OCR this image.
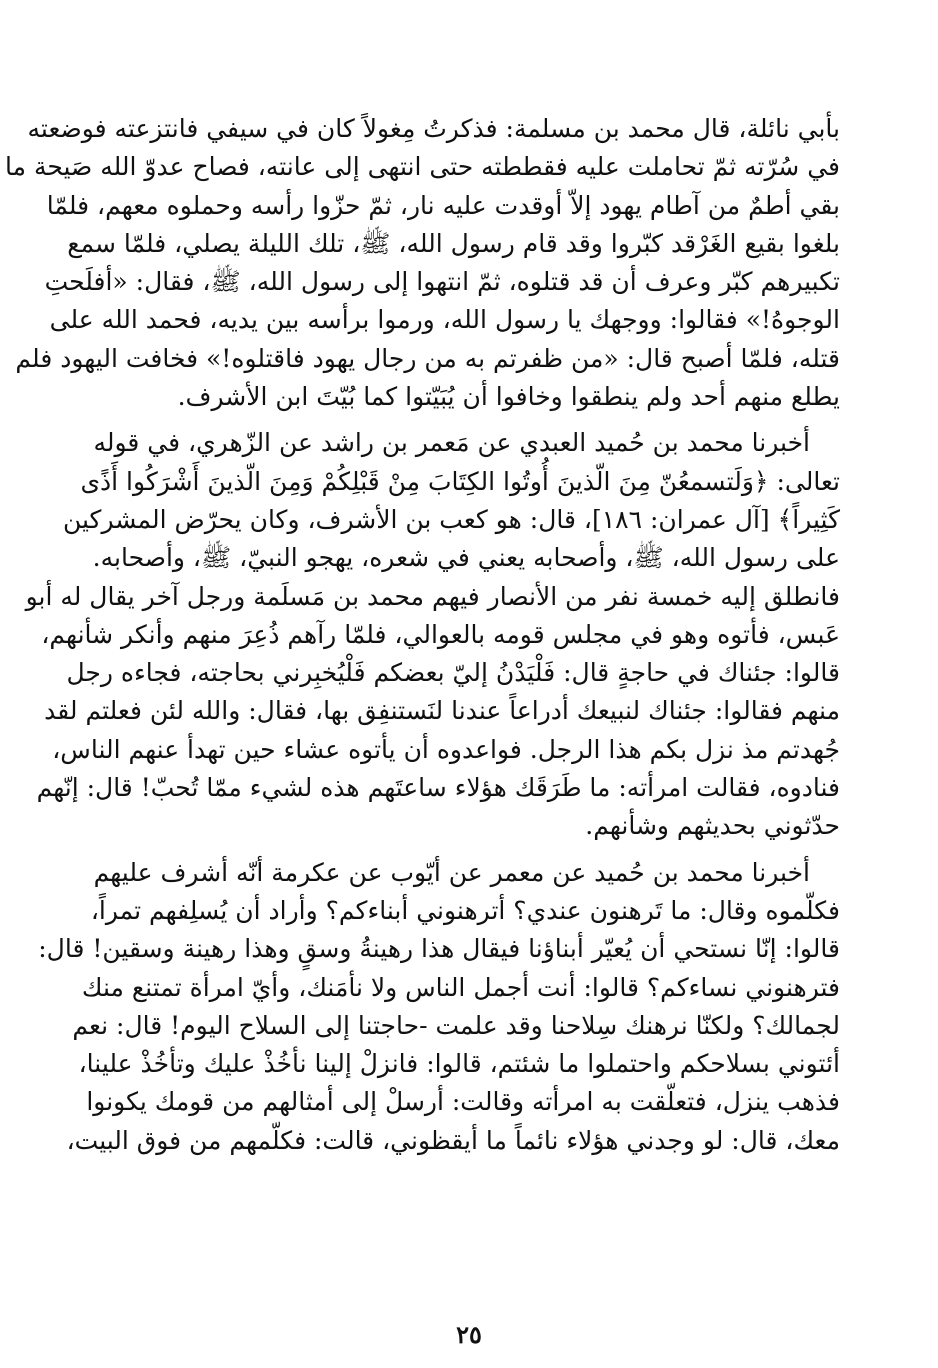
بأبي نائلة، قال محمد بن مسلمة: فذكرتُ مِغولاً كان في سيفي فانتزعته فوضعته
في سُرّته ثمّ تحاملت عليه فقططته حتى انتهى إلى عانته، فصاح عدوّ الله صَيحة ما
بقي أطمٌ من آطام يهود إلاّ أوقدت عليه نار، ثمّ حزّوا رأسه وحملوه معهم، فلمّا
بلغوا بقيع الغَرْقد كبّروا وقد قام رسول الله، ﷺ، تلك الليلة يصلي، فلمّا سمع
تكبيرهم كبّر وعرف أن قد قتلوه، ثمّ انتهوا إلى رسول الله، ﷺ، فقال: «أفلَحتِ
الوجوهُ!» فقالوا: ووجهك يا رسول الله، ورموا برأسه بين يديه، فحمد الله على
قتله، فلمّا أصبح قال: «من ظفرتم به من رجال يهود فاقتلوه!» فخافت اليهود فلم
يطلع منهم أحد ولم ينطقوا وخافوا أن يُبَيّتوا كما بُيّتَ ابن الأشرف.
أخبرنا محمد بن حُميد العبدي عن مَعمر بن راشد عن الزّهري، في قوله
تعالى: ﴿وَلَتسمعُنّ مِنَ الّذينَ أُوتُوا الكِتَابَ مِنْ قَبْلِكُمْ وَمِنَ الّذينَ أَشْرَكُوا أَذًى
كَثِيراً﴾ [آل عمران: ١٨٦]، قال: هو كعب بن الأشرف، وكان يحرّض المشركين
على رسول الله، ﷺ، وأصحابه يعني في شعره، يهجو النبيّ، ﷺ، وأصحابه.
فانطلق إليه خمسة نفر من الأنصار فيهم محمد بن مَسلَمة ورجل آخر يقال له أبو
عَبس، فأتوه وهو في مجلس قومه بالعوالي، فلمّا رآهم ذُعِرَ منهم وأنكر شأنهم،
قالوا: جئناك في حاجةٍ قال: فَلْيَدْنُ إليّ بعضكم فَلْيُخبِرني بحاجته، فجاءه رجل
منهم فقالوا: جئناك لنبيعك أدراعاً عندنا لنَستنفِق بها، فقال: والله لئن فعلتم لقد
جُهدتم مذ نزل بكم هذا الرجل. فواعدوه أن يأتوه عشاء حين تهدأ عنهم الناس،
فنادوه، فقالت امرأته: ما طَرَقَك هؤلاء ساعتَهم هذه لشيء ممّا تُحبّ! قال: إنّهم
حدّثوني بحديثهم وشأنهم.
أخبرنا محمد بن حُميد عن معمر عن أيّوب عن عكرمة أنّه أشرف عليهم
فكلّموه وقال: ما تَرهنون عندي؟ أترهنوني أبناءكم؟ وأراد أن يُسلِفهم تمراً،
قالوا: إنّا نستحي أن يُعيّر أبناؤنا فيقال هذا رهينةُ وسقٍ وهذا رهينة وسقين! قال:
فترهنوني نساءكم؟ قالوا: أنت أجمل الناس ولا نأمَنك، وأيّ امرأة تمتنع منك
لجمالك؟ ولكنّا نرهنك سِلاحنا وقد علمت -حاجتنا إلى السلاح اليوم! قال: نعم
أئتوني بسلاحكم واحتملوا ما شئتم، قالوا: فانزلْ إلينا نأخُذْ عليك وتأخُذْ علينا،
فذهب ينزل، فتعلّقت به امرأته وقالت: أرسلْ إلى أمثالهم من قومك يكونوا
معك، قال: لو وجدني هؤلاء نائماً ما أيقظوني، قالت: فكلّمهم من فوق البيت،
٢٥
